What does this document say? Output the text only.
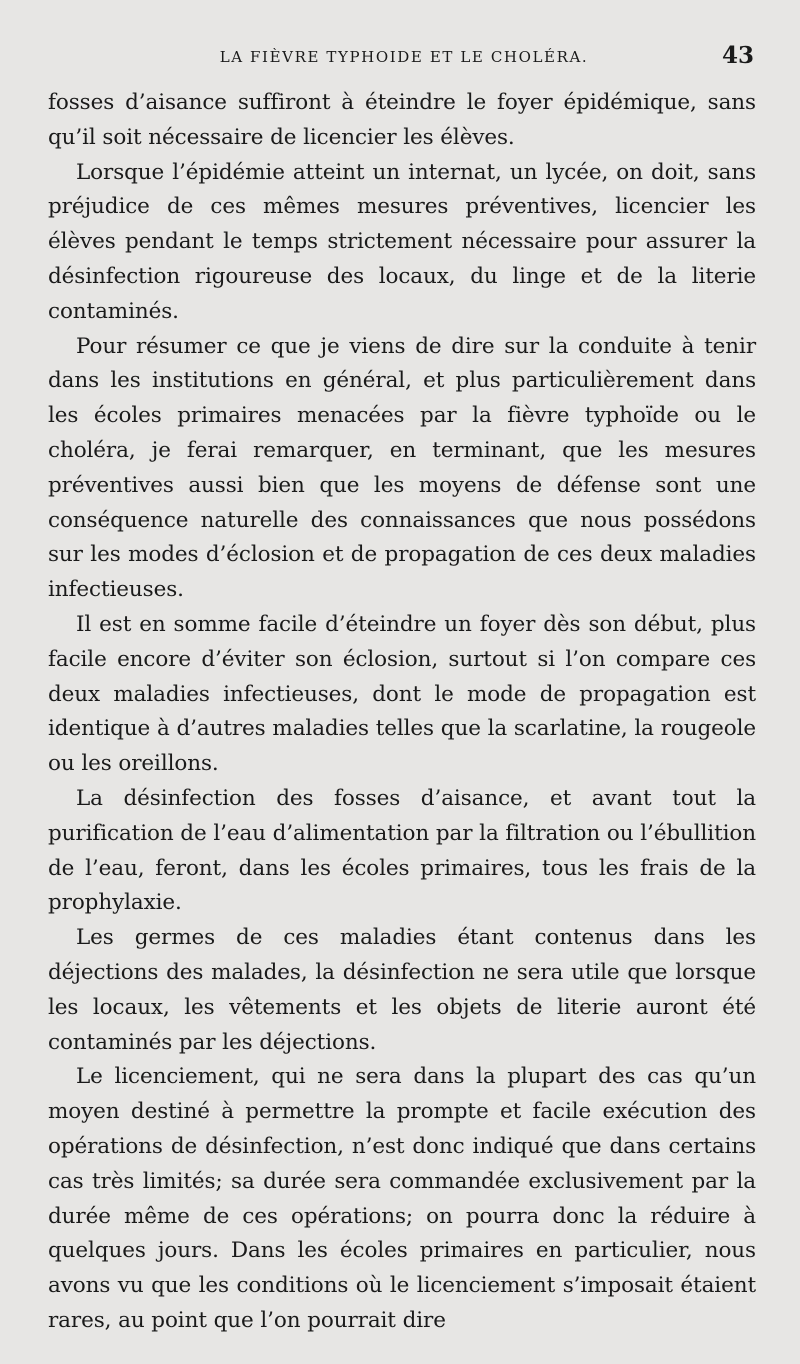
LA FIÈVRE TYPHOIDE ET LE CHOLÉRA.	43

fosses d’aisance suffiront à éteindre le foyer épidémique, sans qu’il soit nécessaire de licencier les élèves.

Lorsque l’épidémie atteint un internat, un lycée, on doit, sans préjudice de ces mêmes mesures préventives, licencier les élèves pendant le temps strictement nécessaire pour assurer la désinfection rigoureuse des locaux, du linge et de la literie contaminés.

Pour résumer ce que je viens de dire sur la conduite à tenir dans les institutions en général, et plus particulièrement dans les écoles primaires menacées par la fièvre typhoïde ou le choléra, je ferai remarquer, en terminant, que les mesures préventives aussi bien que les moyens de défense sont une conséquence naturelle des connaissances que nous possédons sur les modes d’éclosion et de propagation de ces deux maladies infectieuses.

Il est en somme facile d’éteindre un foyer dès son début, plus facile encore d’éviter son éclosion, surtout si l’on compare ces deux maladies infectieuses, dont le mode de propagation est identique à d’autres maladies telles que la scarlatine, la rougeole ou les oreillons.

La désinfection des fosses d’aisance, et avant tout la purification de l’eau d’alimentation par la filtration ou l’ébullition de l’eau, feront, dans les écoles primaires, tous les frais de la prophylaxie.

Les germes de ces maladies étant contenus dans les déjections des malades, la désinfection ne sera utile que lorsque les locaux, les vêtements et les objets de literie auront été contaminés par les déjections.

Le licenciement, qui ne sera dans la plupart des cas qu’un moyen destiné à permettre la prompte et facile exécution des opérations de désinfection, n’est donc indiqué que dans certains cas très limités; sa durée sera commandée exclusivement par la durée même de ces opérations; on pourra donc la réduire à quelques jours. Dans les écoles primaires en particulier, nous avons vu que les conditions où le licenciement s’imposait étaient rares, au point que l’on pourrait dire
